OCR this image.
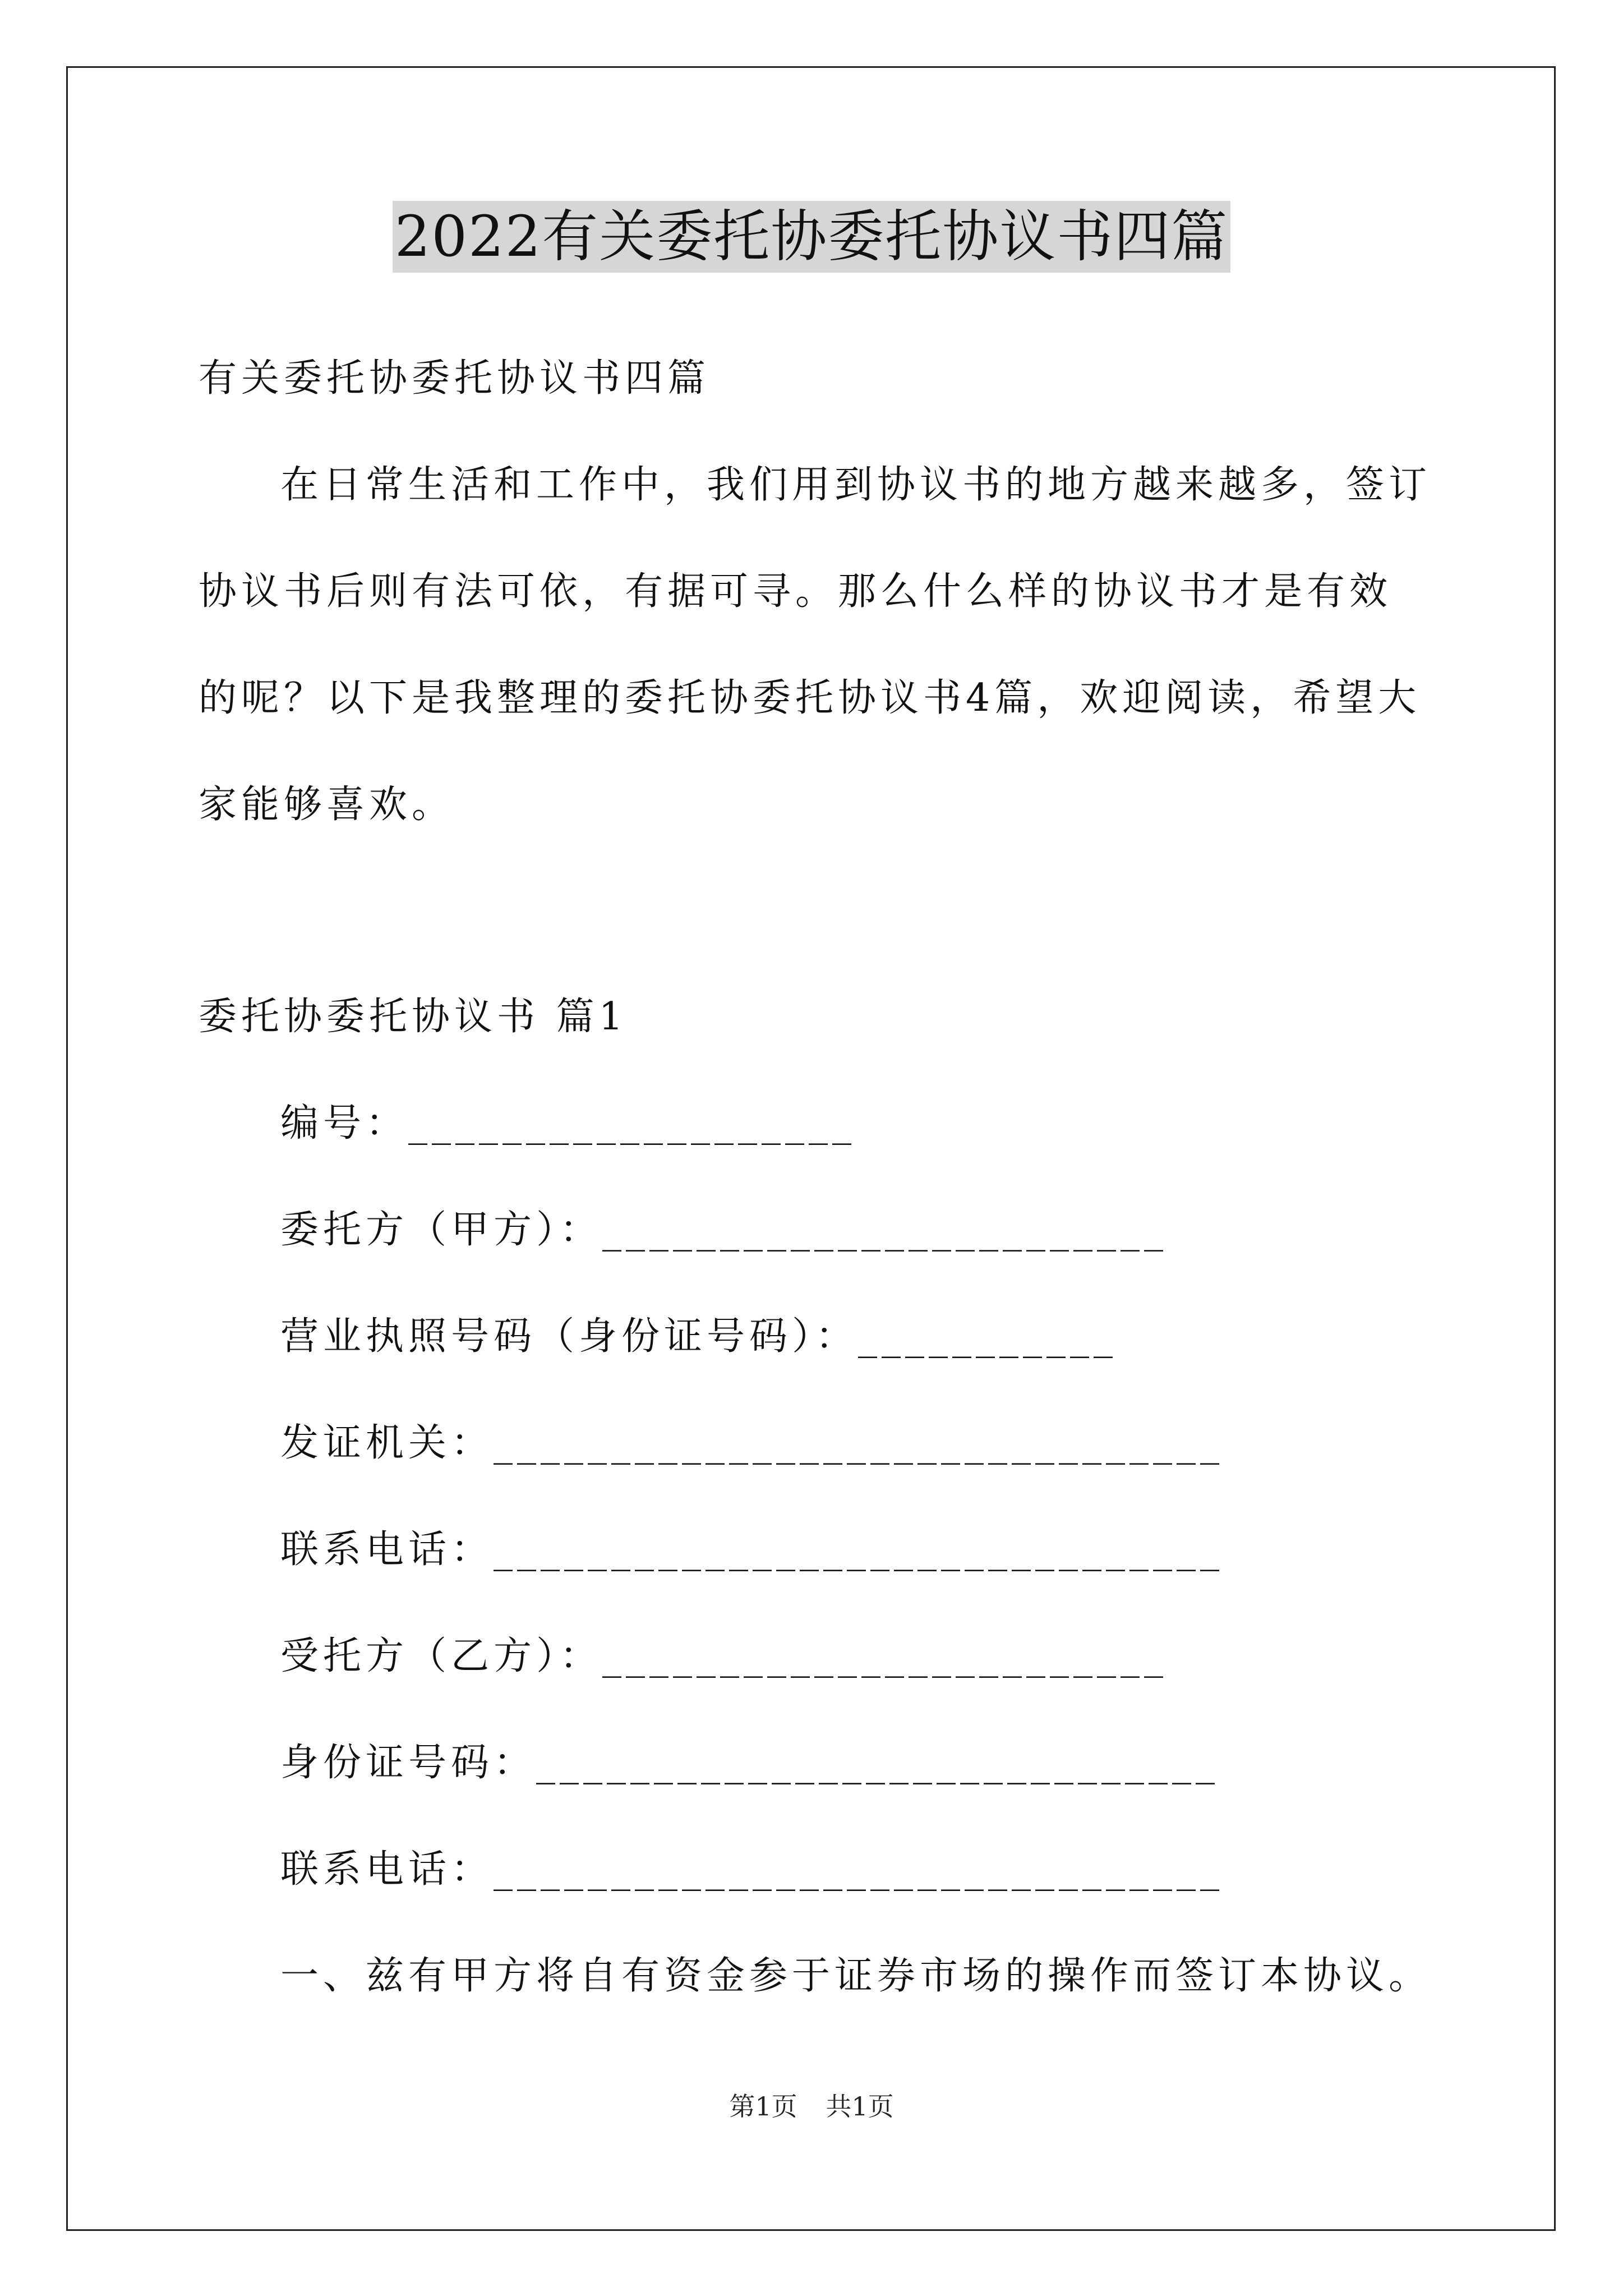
2022有关委托协委托协议书四篇
有关委托协委托协议书四篇

在日常生活和工作中，我们用到协议书的地方越来越多，签订协议书后则有法可依，有据可寻。那么什么样的协议书才是有效的呢？以下是我整理的委托协委托协议书4篇，欢迎阅读，希望大家能够喜欢。

委托协委托协议书 篇1
编号：___________________
委托方（甲方）：________________________
营业执照号码（身份证号码）：___________
发证机关：_______________________________
联系电话：_______________________________
受托方（乙方）：________________________
身份证号码：_____________________________
联系电话：_______________________________
一、兹有甲方将自有资金参于证券市场的操作而签订本协议。
第1页 共1页
